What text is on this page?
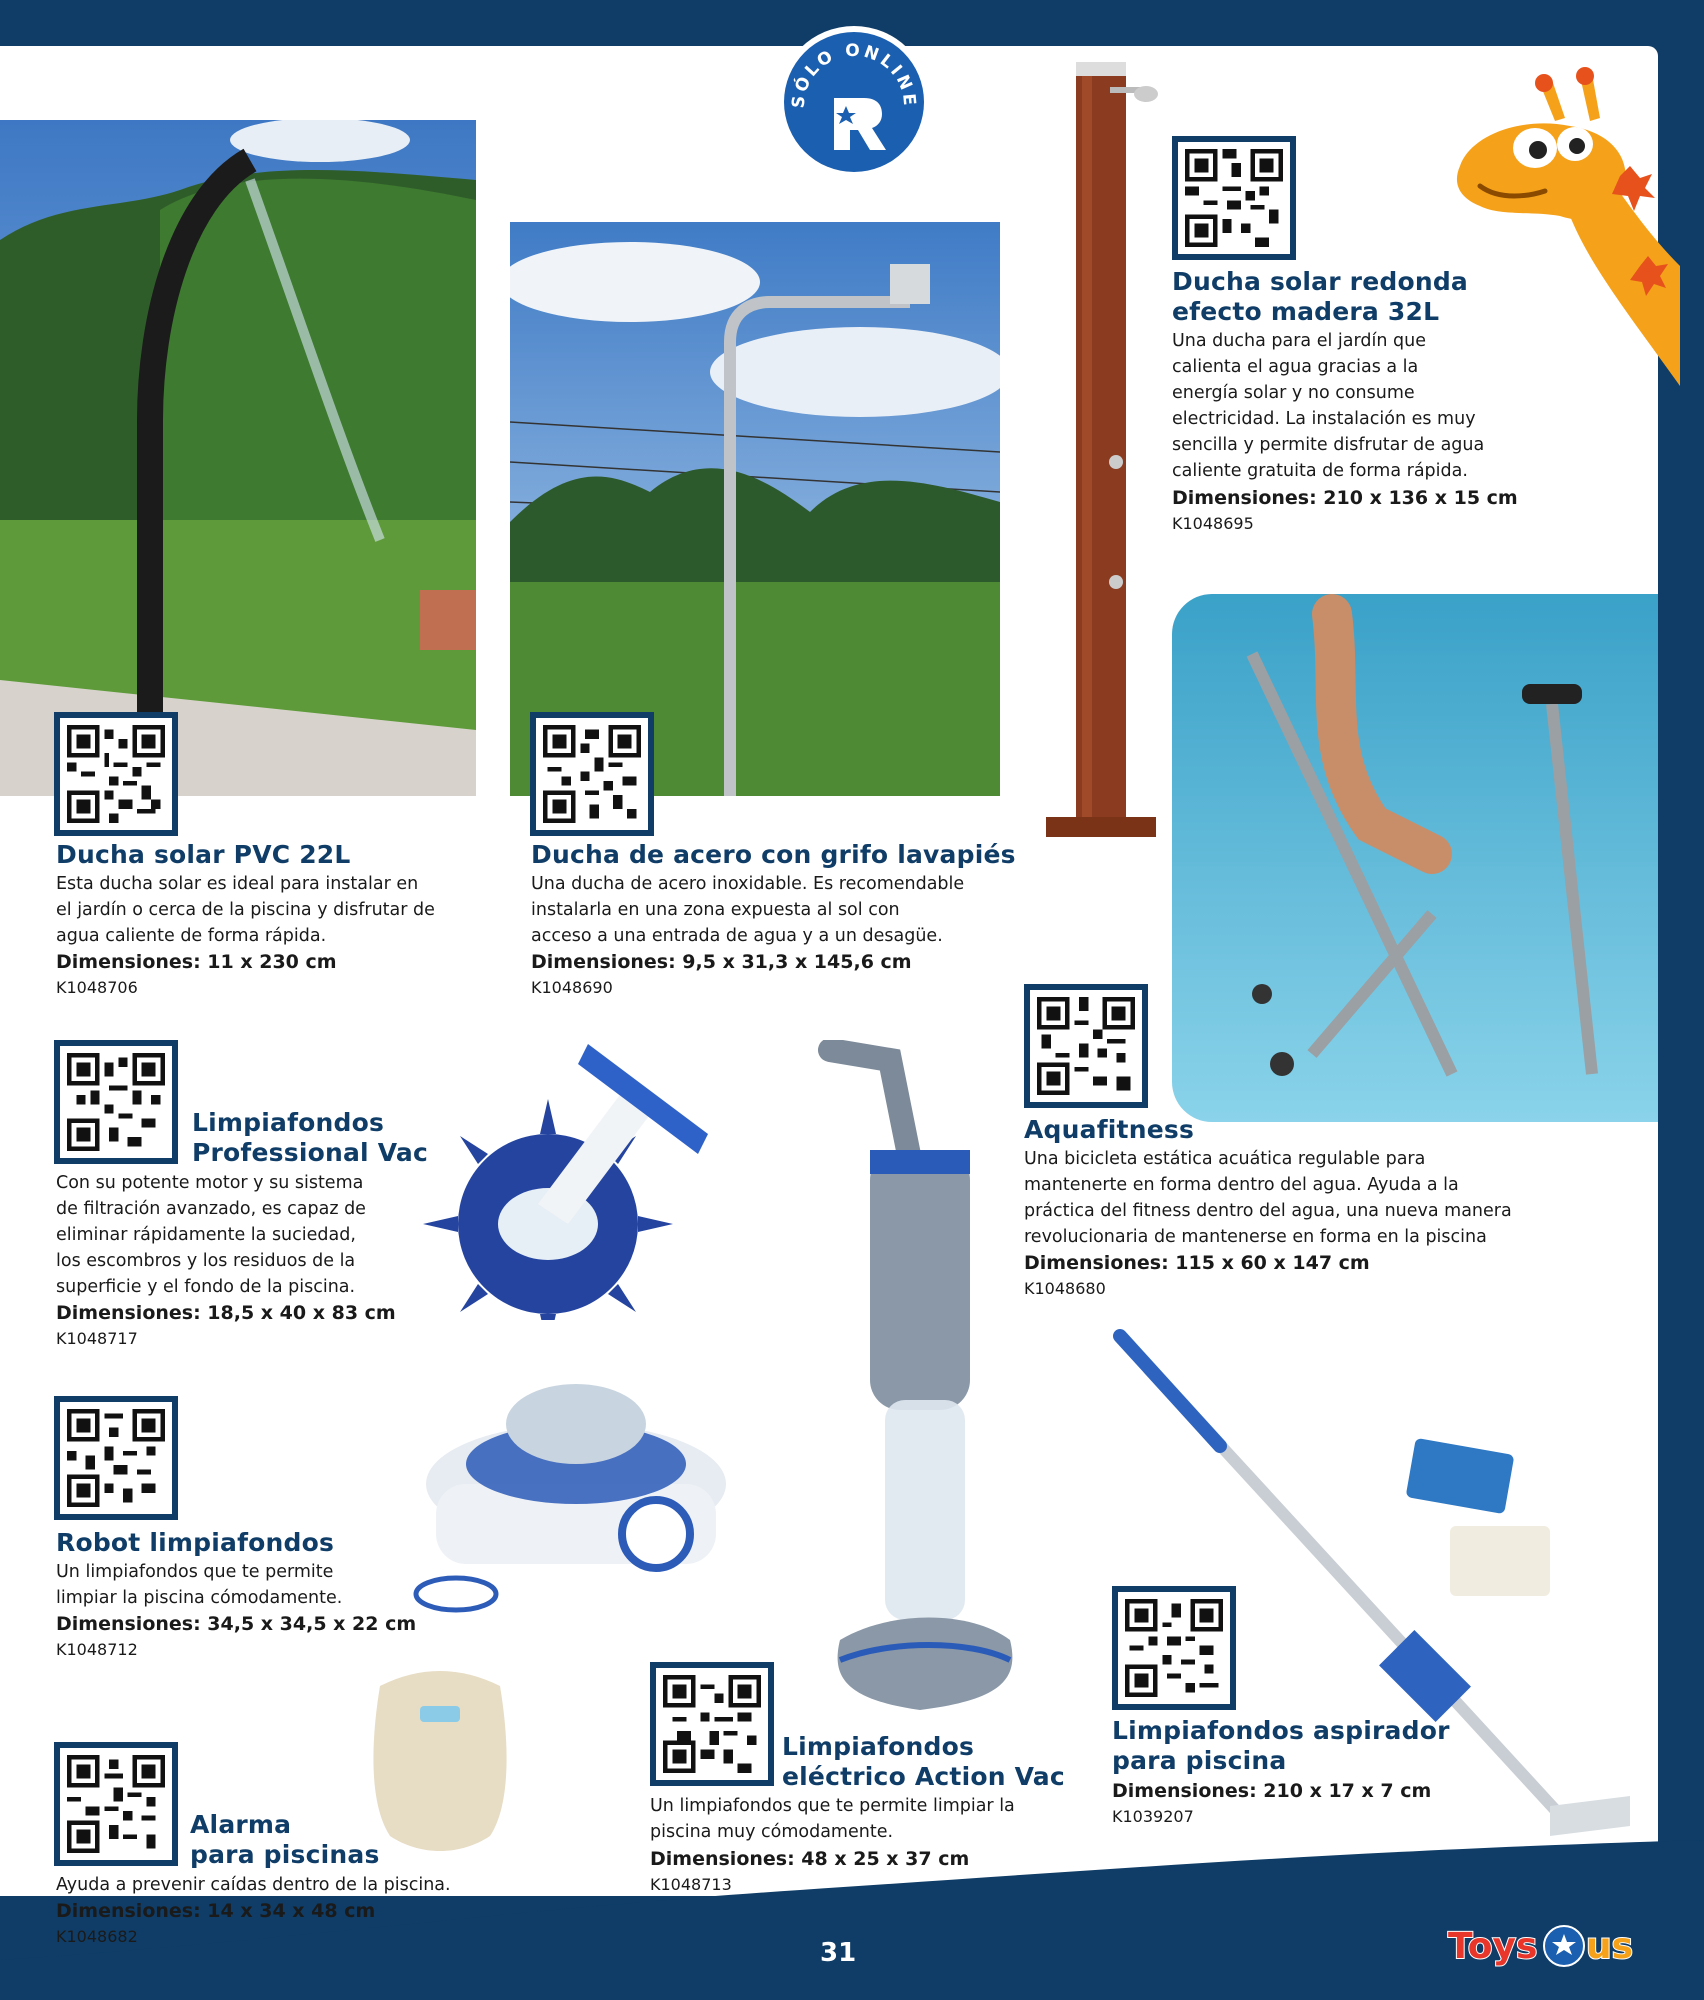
SÓLO ONLINE
Ducha solar PVC 22L
Esta ducha solar es ideal para instalar en
el jardín o cerca de la piscina y disfrutar de
agua caliente de forma rápida.
Dimensiones: 11 x 230 cm
K1048706
Ducha de acero con grifo lavapiés
Una ducha de acero inoxidable. Es recomendable
instalarla en una zona expuesta al sol con
acceso a una entrada de agua y a un desagüe.
Dimensiones: 9,5 x 31,3 x 145,6 cm
K1048690
Ducha solar redonda
efecto madera 32L
Una ducha para el jardín que
calienta el agua gracias a la
energía solar y no consume
electricidad. La instalación es muy
sencilla y permite disfrutar de agua
caliente gratuita de forma rápida.
Dimensiones: 210 x 136 x 15 cm
K1048695
Limpiafondos
Professional Vac
Con su potente motor y su sistema
de filtración avanzado, es capaz de
eliminar rápidamente la suciedad,
los escombros y los residuos de la
superficie y el fondo de la piscina.
Dimensiones: 18,5 x 40 x 83 cm
K1048717
Aquafitness
Una bicicleta estática acuática regulable para
mantenerte en forma dentro del agua. Ayuda a la
práctica del fitness dentro del agua, una nueva manera
revolucionaria de mantenerse en forma en la piscina
Dimensiones: 115 x 60 x 147 cm
K1048680
Robot limpiafondos
Un limpiafondos que te permite
limpiar la piscina cómodamente.
Dimensiones: 34,5 x 34,5 x 22 cm
K1048712
Limpiafondos aspirador
para piscina
Dimensiones: 210 x 17 x 7 cm
K1039207
Limpiafondos
eléctrico Action Vac
Un limpiafondos que te permite limpiar la
piscina muy cómodamente.
Dimensiones: 48 x 25 x 37 cm
K1048713
Alarma
para piscinas
Ayuda a prevenir caídas dentro de la piscina.
Dimensiones: 14 x 34 x 48 cm
K1048682
31	Toys us
